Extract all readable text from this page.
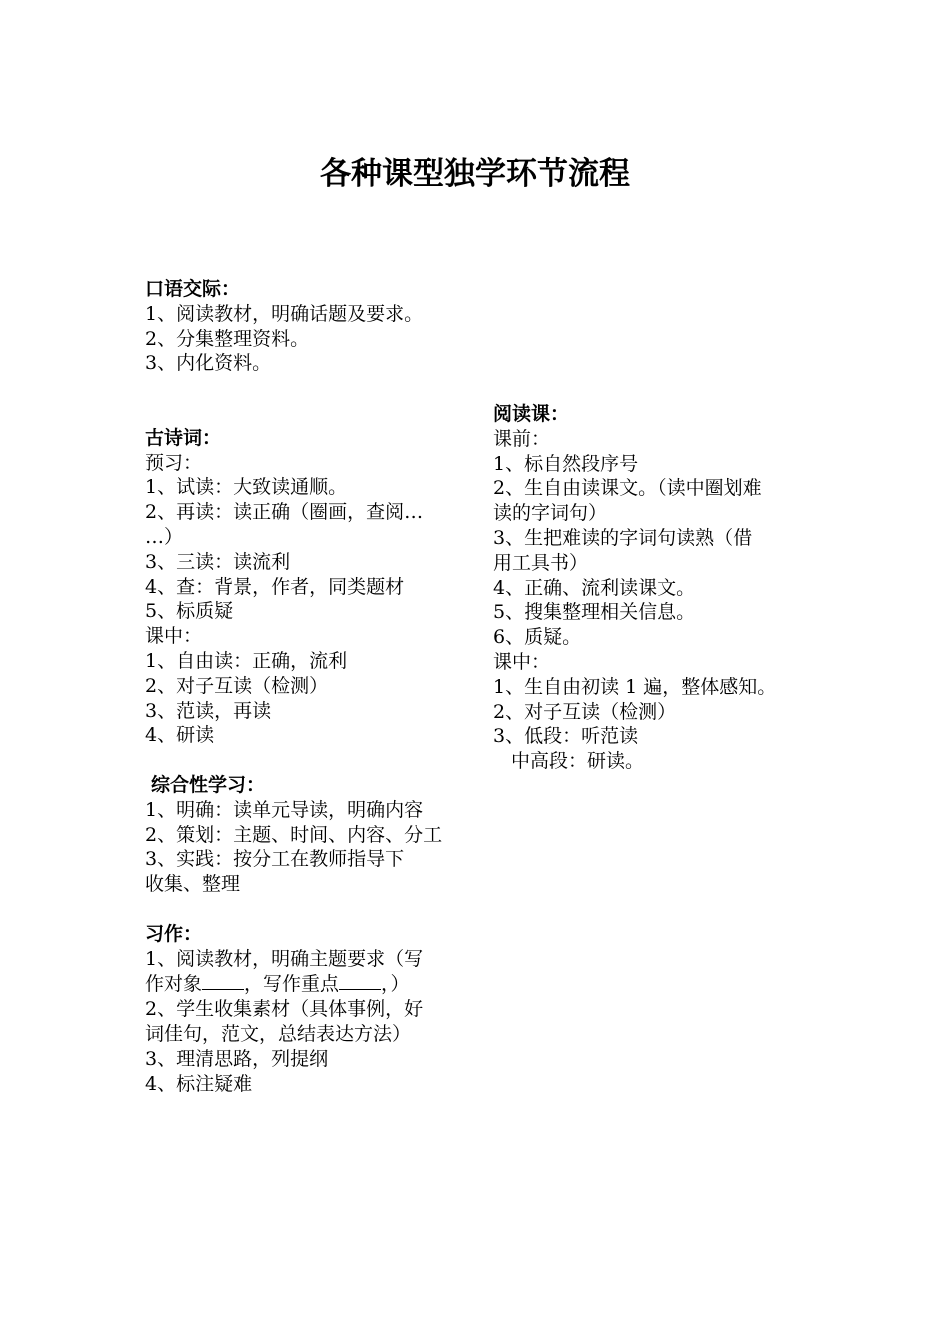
各种课型独学环节流程
口语交际：
1、阅读教材，明确话题及要求。
2、分集整理资料。
3、内化资料。
古诗词：
预习：
1、试读：大致读通顺。
2、再读：读正确（圈画，查阅…
…）
3、三读：读流利
4、查：背景，作者，同类题材
5、标质疑
课中：
1、自由读：正确，流利
2、对子互读（检测）
3、范读，再读
4、研读
综合性学习：
1、明确：读单元导读，明确内容
2、策划：主题、时间、内容、分工
3、实践：按分工在教师指导下
收集、整理
习作：
1、阅读教材，明确主题要求（写
作对象 ，写作重点 ，）
2、学生收集素材（具体事例，好
词佳句，范文，总结表达方法）
3、理清思路，列提纲
4、标注疑难
阅读课：
课前：
1、标自然段序号
2、生自由读课文。（读中圈划难
读的字词句）
3、生把难读的字词句读熟（借
用工具书）
4、正确、流利读课文。
5、搜集整理相关信息。
6、质疑。
课中：
1、生自由初读 1 遍，整体感知。
2、对子互读（检测）
3、低段：听范读
中高段：研读。
